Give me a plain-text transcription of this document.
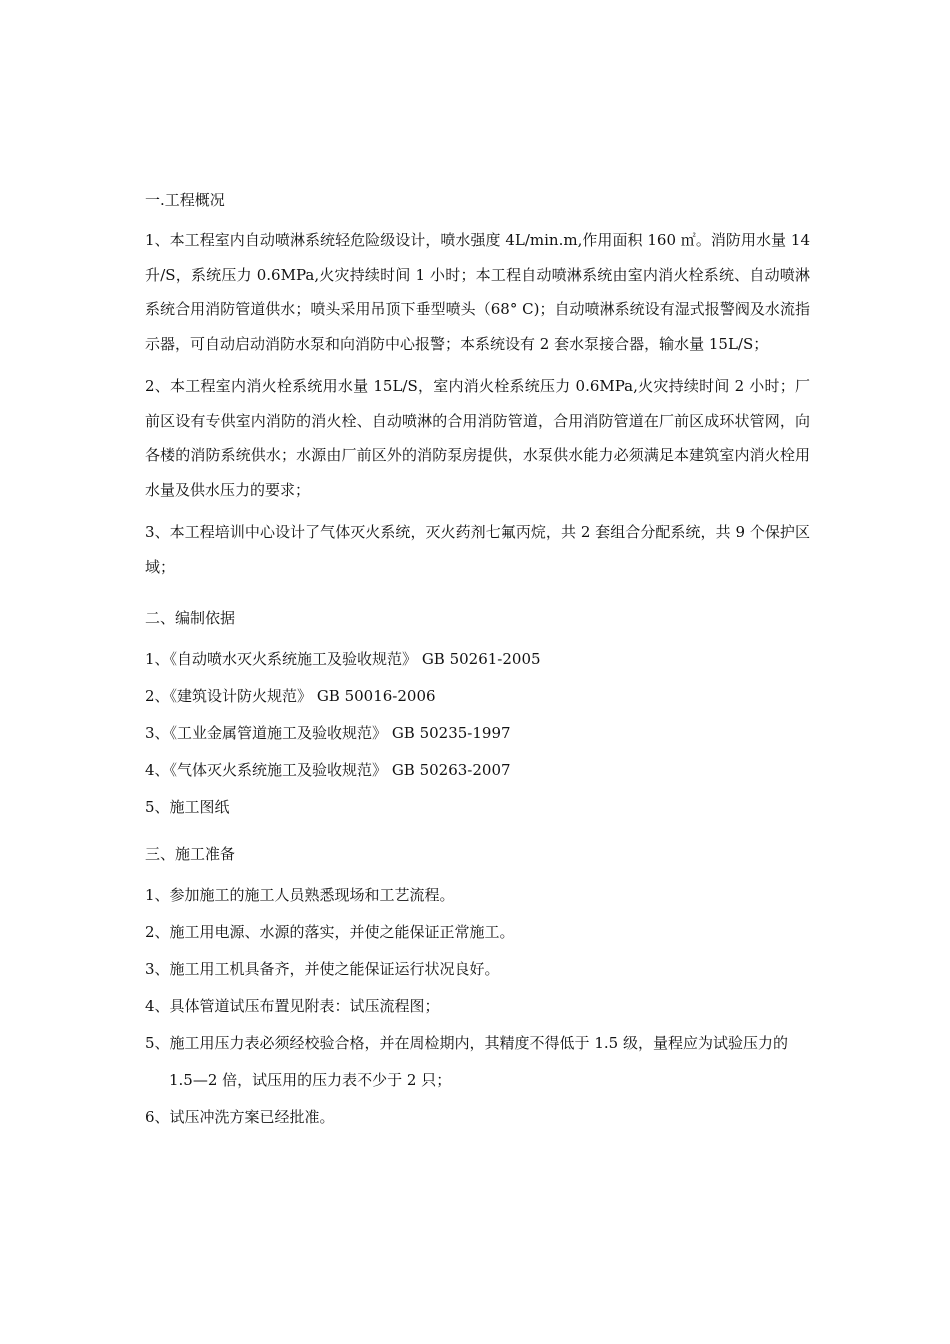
一.工程概况

1、本工程室内自动喷淋系统轻危险级设计，喷水强度 4L/min.m,作用面积 160 ㎡。消防用水量 14 升/S，系统压力 0.6MPa,火灾持续时间 1 小时；本工程自动喷淋系统由室内消火栓系统、自动喷淋系统合用消防管道供水；喷头采用吊顶下垂型喷头（68° C)；自动喷淋系统设有湿式报警阀及水流指示器，可自动启动消防水泵和向消防中心报警；本系统设有 2 套水泵接合器，输水量 15L/S；

2、本工程室内消火栓系统用水量 15L/S，室内消火栓系统压力 0.6MPa,火灾持续时间 2 小时；厂前区设有专供室内消防的消火栓、自动喷淋的合用消防管道，合用消防管道在厂前区成环状管网，向各楼的消防系统供水；水源由厂前区外的消防泵房提供，水泵供水能力必须满足本建筑室内消火栓用水量及供水压力的要求；

3、本工程培训中心设计了气体灭火系统，灭火药剂七氟丙烷，共 2 套组合分配系统，共 9 个保护区域；

二、编制依据

1、《自动喷水灭火系统施工及验收规范》 GB 50261-2005

2、《建筑设计防火规范》 GB 50016-2006

3、《工业金属管道施工及验收规范》 GB 50235-1997

4、《气体灭火系统施工及验收规范》 GB 50263-2007

5、施工图纸

三、施工准备

1、参加施工的施工人员熟悉现场和工艺流程。

2、施工用电源、水源的落实，并使之能保证正常施工。

3、施工用工机具备齐，并使之能保证运行状况良好。

4、具体管道试压布置见附表：试压流程图；

5、施工用压力表必须经校验合格，并在周检期内，其精度不得低于 1.5 级，量程应为试验压力的 1.5—2 倍，试压用的压力表不少于 2 只；

6、试压冲洗方案已经批准。
